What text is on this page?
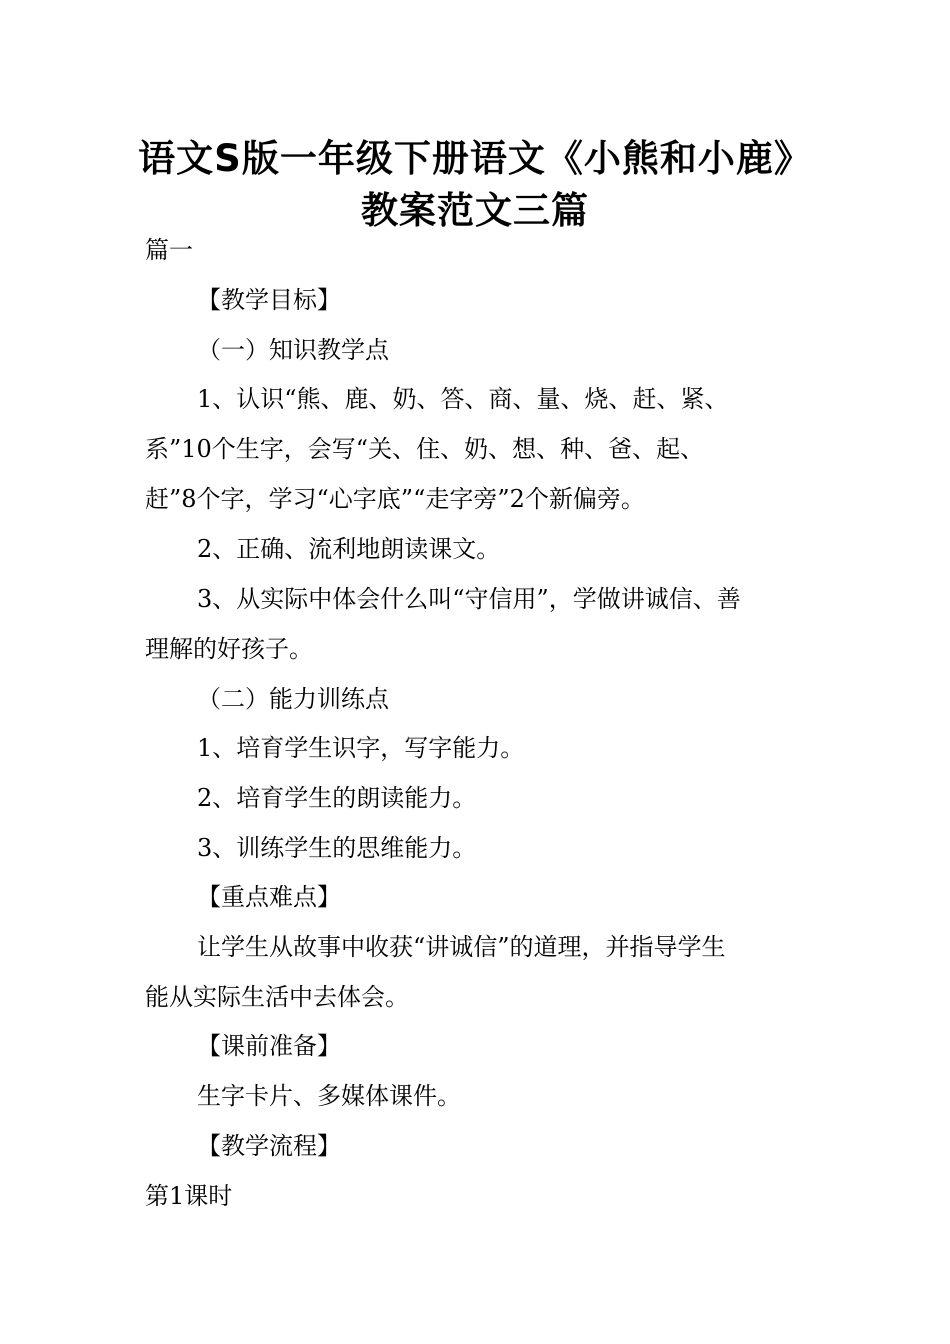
语文S版一年级下册语文《小熊和小鹿》
教案范文三篇
篇一
【教学目标】
（一）知识教学点
1、认识“熊、鹿、奶、答、商、量、烧、赶、紧、
系”10个生字，会写“关、住、奶、想、种、爸、起、
赶”8个字，学习“心字底”“走字旁”2个新偏旁。
2、正确、流利地朗读课文。
3、从实际中体会什么叫“守信用”，学做讲诚信、善
理解的好孩子。
（二）能力训练点
1、培育学生识字，写字能力。
2、培育学生的朗读能力。
3、训练学生的思维能力。
【重点难点】
让学生从故事中收获“讲诚信”的道理，并指导学生
能从实际生活中去体会。
【课前准备】
生字卡片、多媒体课件。
【教学流程】
第1课时
